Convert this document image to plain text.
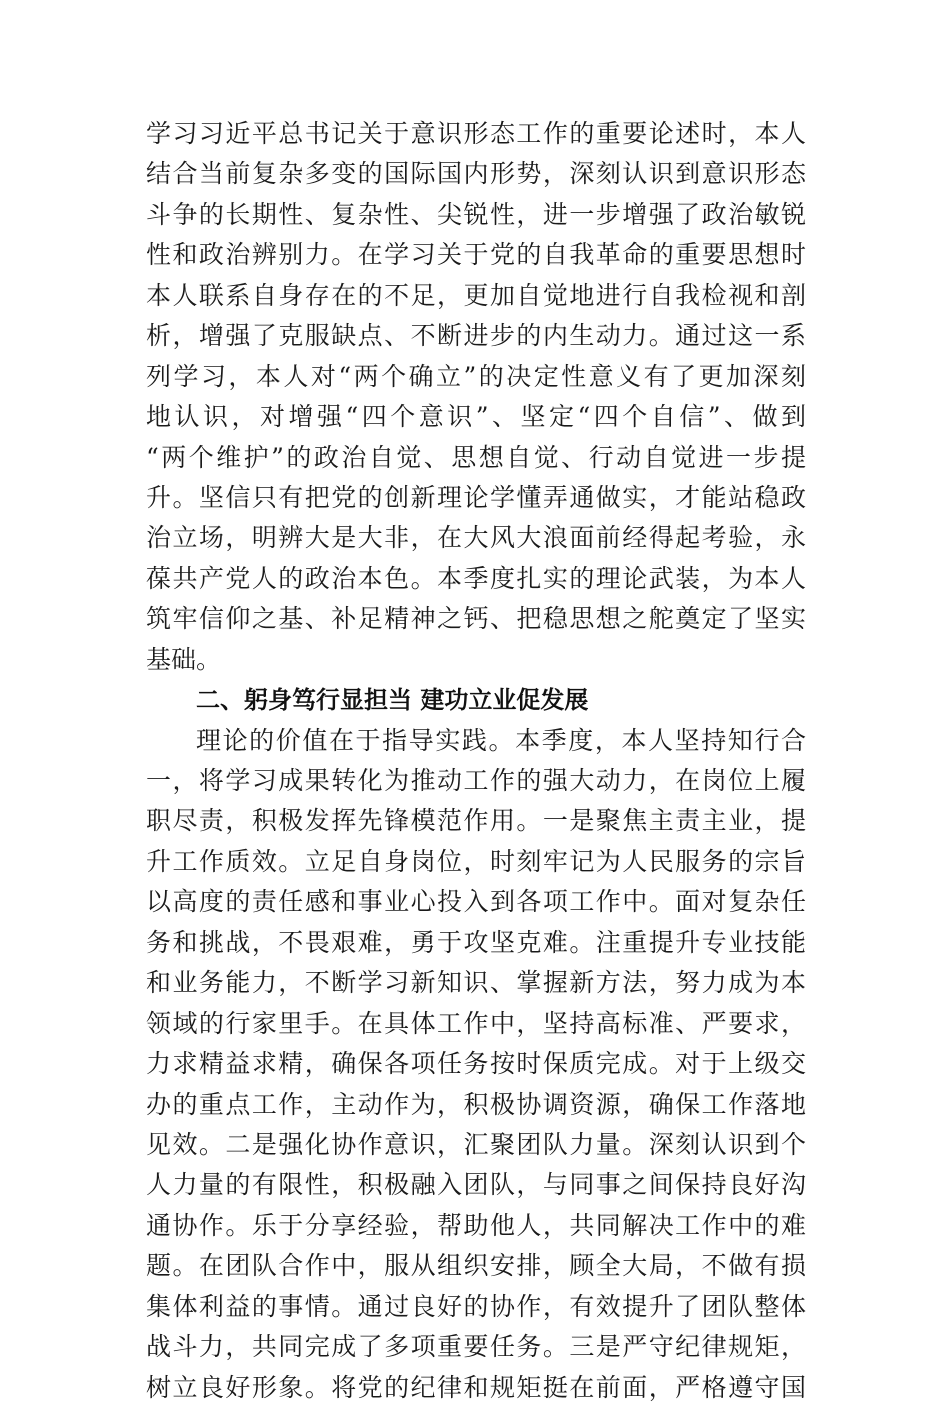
学习习近平总书记关于意识形态工作的重要论述时，本人
结合当前复杂多变的国际国内形势，深刻认识到意识形态
斗争的长期性、复杂性、尖锐性，进一步增强了政治敏锐
性和政治辨别力。在学习关于党的自我革命的重要思想时
本人联系自身存在的不足，更加自觉地进行自我检视和剖
析，增强了克服缺点、不断进步的内生动力。通过这一系
列学习，本人对“两个确立”的决定性意义有了更加深刻
地认识，对增强“四个意识”、坚定“四个自信”、做到
“两个维护”的政治自觉、思想自觉、行动自觉进一步提
升。坚信只有把党的创新理论学懂弄通做实，才能站稳政
治立场，明辨大是大非，在大风大浪面前经得起考验，永
葆共产党人的政治本色。本季度扎实的理论武装，为本人
筑牢信仰之基、补足精神之钙、把稳思想之舵奠定了坚实
基础。
二、躬身笃行显担当 建功立业促发展
理论的价值在于指导实践。本季度，本人坚持知行合
一，将学习成果转化为推动工作的强大动力，在岗位上履
职尽责，积极发挥先锋模范作用。一是聚焦主责主业，提
升工作质效。立足自身岗位，时刻牢记为人民服务的宗旨
以高度的责任感和事业心投入到各项工作中。面对复杂任
务和挑战，不畏艰难，勇于攻坚克难。注重提升专业技能
和业务能力，不断学习新知识、掌握新方法，努力成为本
领域的行家里手。在具体工作中，坚持高标准、严要求，
力求精益求精，确保各项任务按时保质完成。对于上级交
办的重点工作，主动作为，积极协调资源，确保工作落地
见效。二是强化协作意识，汇聚团队力量。深刻认识到个
人力量的有限性，积极融入团队，与同事之间保持良好沟
通协作。乐于分享经验，帮助他人，共同解决工作中的难
题。在团队合作中，服从组织安排，顾全大局，不做有损
集体利益的事情。通过良好的协作，有效提升了团队整体
战斗力，共同完成了多项重要任务。三是严守纪律规矩，
树立良好形象。将党的纪律和规矩挺在前面，严格遵守国
